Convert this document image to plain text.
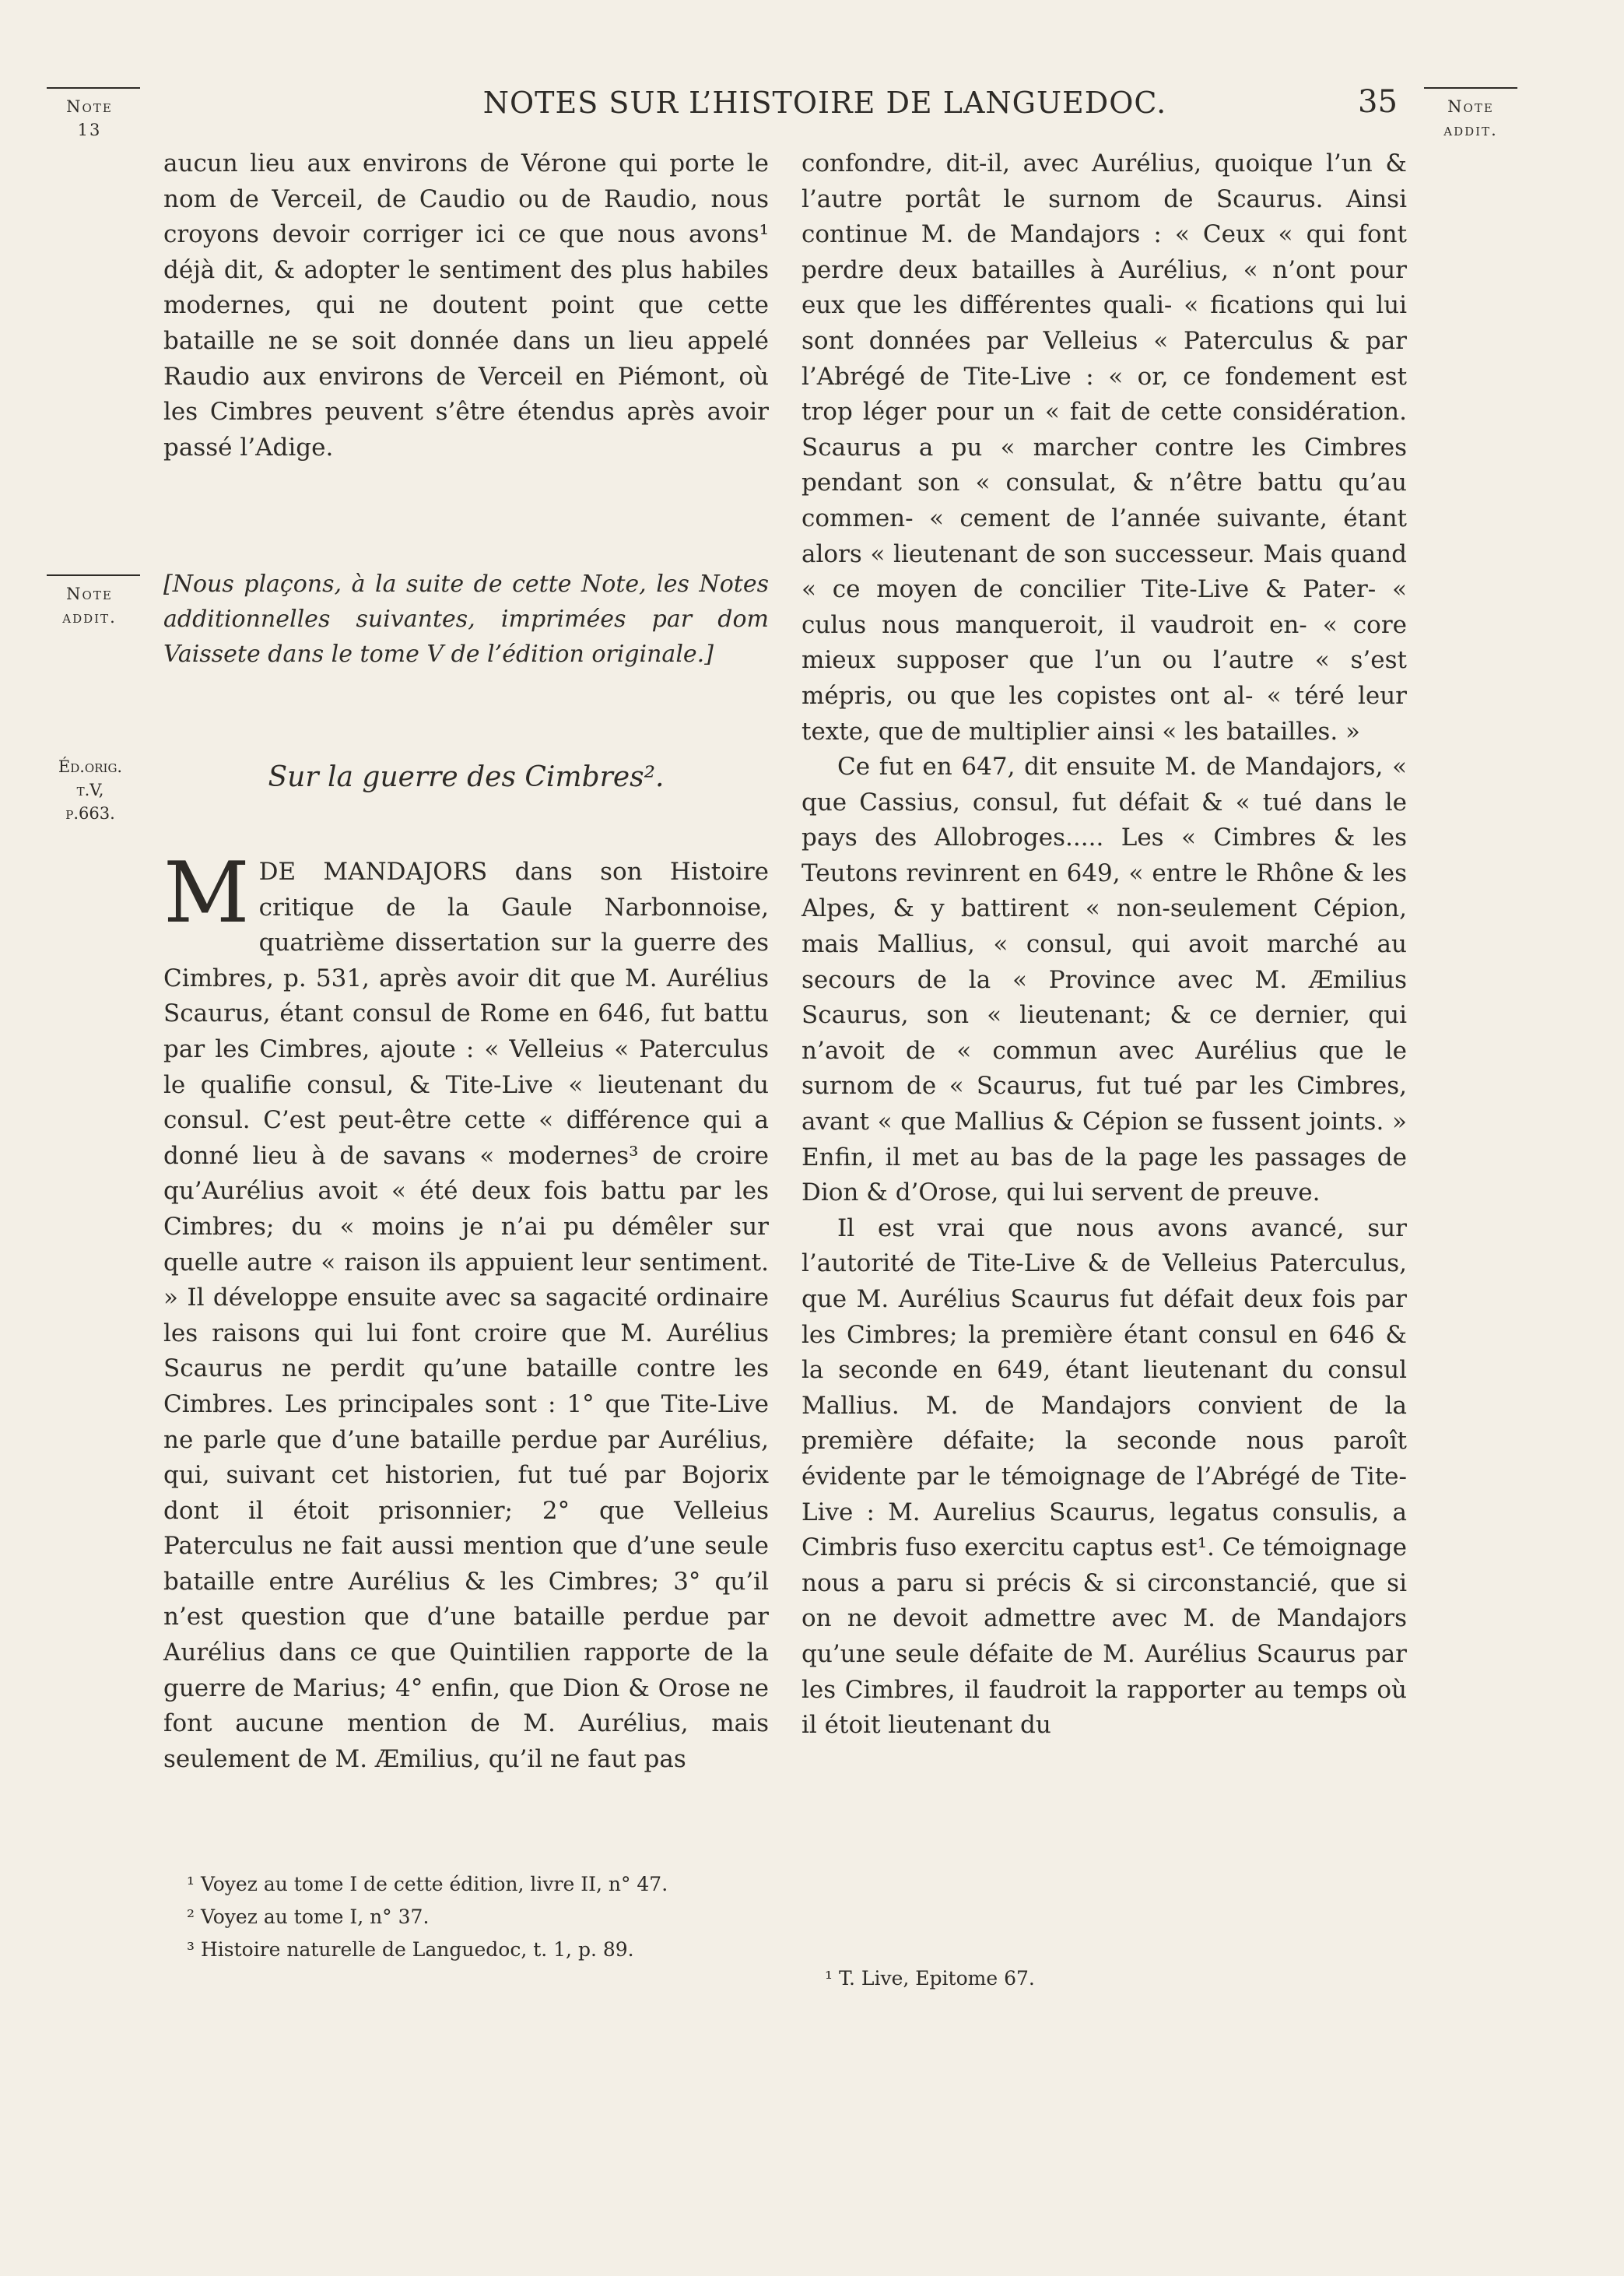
NOTES SUR L’HISTOIRE DE LANGUEDOC.	35
Note
13
Note
addit.
Note
addit.
Éd.orig.
t.V,
p.663.

aucun lieu aux environs de Vérone qui porte le nom de Verceil, de Caudio ou de Raudio, nous croyons devoir corriger ici ce que nous avons¹ déjà dit, & adopter le sentiment des plus habiles modernes, qui ne doutent point que cette bataille ne se soit donnée dans un lieu appelé Raudio aux environs de Verceil en Piémont, où les Cimbres peuvent s’être étendus après avoir passé l’Adige.

[Nous plaçons, à la suite de cette Note, les Notes additionnelles suivantes, imprimées par dom Vaissete dans le tome V de l’édition originale.]
Sur la guerre des Cimbres².
M DE MANDAJORS dans son Histoire critique de la Gaule Narbonnoise, quatrième dissertation sur la guerre des Cimbres, p. 531, après avoir dit que M. Aurélius Scaurus, étant consul de Rome en 646, fut battu par les Cimbres, ajoute : « Velleius « Paterculus le qualifie consul, & Tite-Live « lieutenant du consul. C’est peut-être cette « différence qui a donné lieu à de savans « modernes³ de croire qu’Aurélius avoit « été deux fois battu par les Cimbres; du « moins je n’ai pu démêler sur quelle autre « raison ils appuient leur sentiment. » Il développe ensuite avec sa sagacité ordinaire les raisons qui lui font croire que M. Aurélius Scaurus ne perdit qu’une bataille contre les Cimbres. Les principales sont : 1° que Tite-Live ne parle que d’une bataille perdue par Aurélius, qui, suivant cet historien, fut tué par Bojorix dont il étoit prisonnier; 2° que Velleius Paterculus ne fait aussi mention que d’une seule bataille entre Aurélius & les Cimbres; 3° qu’il n’est question que d’une bataille perdue par Aurélius dans ce que Quintilien rapporte de la guerre de Marius; 4° enfin, que Dion & Orose ne font aucune mention de M. Aurélius, mais seulement de M. Æmilius, qu’il ne faut pas

confondre, dit-il, avec Aurélius, quoique l’un & l’autre portât le surnom de Scaurus. Ainsi continue M. de Mandajors : « Ceux « qui font perdre deux batailles à Aurélius, « n’ont pour eux que les différentes quali- « fications qui lui sont données par Velleius « Paterculus & par l’Abrégé de Tite-Live : « or, ce fondement est trop léger pour un « fait de cette considération. Scaurus a pu « marcher contre les Cimbres pendant son « consulat, & n’être battu qu’au commen- « cement de l’année suivante, étant alors « lieutenant de son successeur. Mais quand « ce moyen de concilier Tite-Live & Pater- « culus nous manqueroit, il vaudroit en- « core mieux supposer que l’un ou l’autre « s’est mépris, ou que les copistes ont al- « téré leur texte, que de multiplier ainsi « les batailles. »

Ce fut en 647, dit ensuite M. de Mandajors, « que Cassius, consul, fut défait & « tué dans le pays des Allobroges..... Les « Cimbres & les Teutons revinrent en 649, « entre le Rhône & les Alpes, & y battirent « non-seulement Cépion, mais Mallius, « consul, qui avoit marché au secours de la « Province avec M. Æmilius Scaurus, son « lieutenant; & ce dernier, qui n’avoit de « commun avec Aurélius que le surnom de « Scaurus, fut tué par les Cimbres, avant « que Mallius & Cépion se fussent joints. » Enfin, il met au bas de la page les passages de Dion & d’Orose, qui lui servent de preuve.

Il est vrai que nous avons avancé, sur l’autorité de Tite-Live & de Velleius Paterculus, que M. Aurélius Scaurus fut défait deux fois par les Cimbres; la première étant consul en 646 & la seconde en 649, étant lieutenant du consul Mallius. M. de Mandajors convient de la première défaite; la seconde nous paroît évidente par le témoignage de l’Abrégé de Tite-Live : M. Aurelius Scaurus, legatus consulis, a Cimbris fuso exercitu captus est¹. Ce témoignage nous a paru si précis & si circonstancié, que si on ne devoit admettre avec M. de Mandajors qu’une seule défaite de M. Aurélius Scaurus par les Cimbres, il faudroit la rapporter au temps où il étoit lieutenant du

¹ Voyez au tome I de cette édition, livre II, n° 47.
² Voyez au tome I, n° 37.
³ Histoire naturelle de Languedoc, t. 1, p. 89.
¹ T. Live, Epitome 67.
